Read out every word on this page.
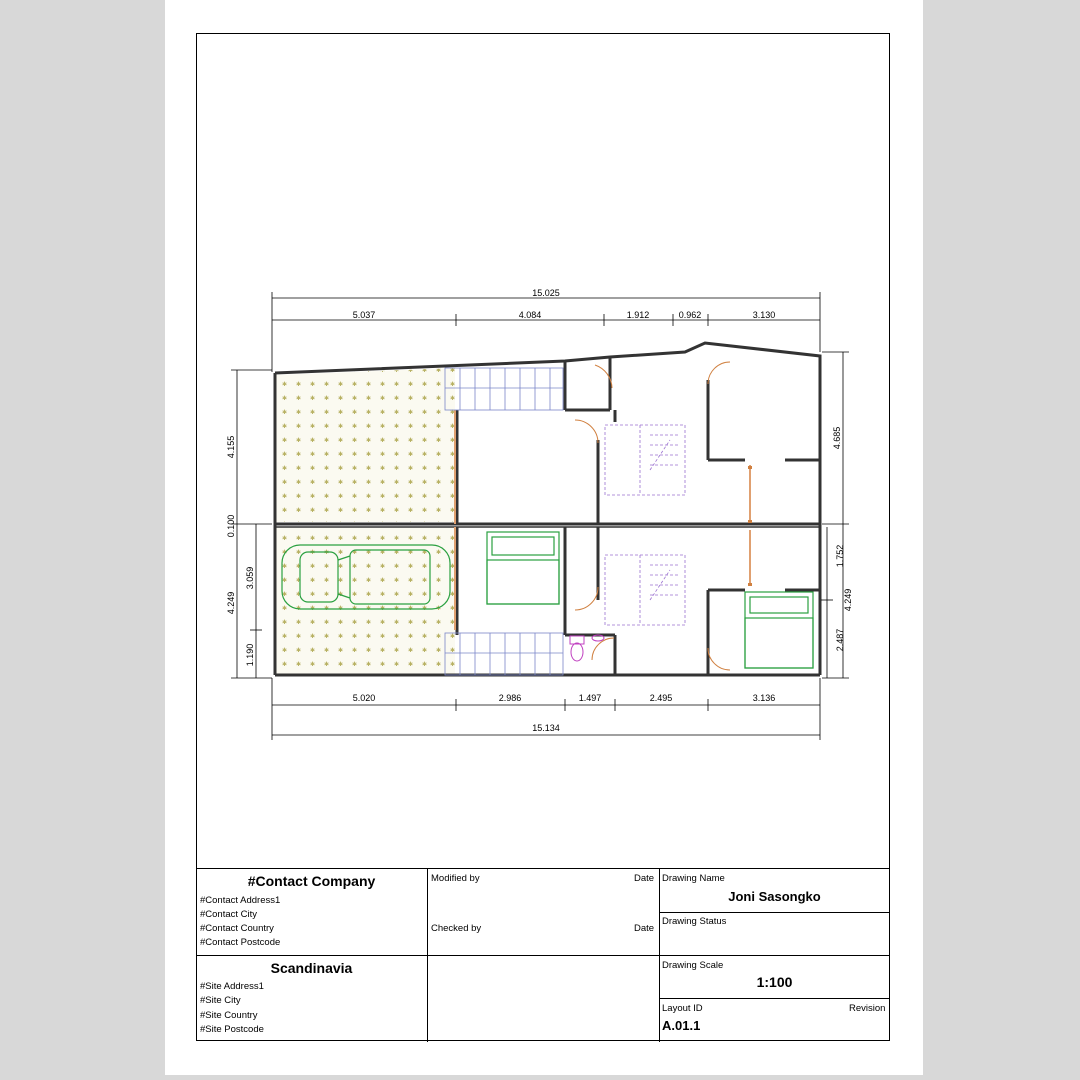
15.025
5.037	4.084	1.912	0.962	3.130
5.020	2.986	1.497	2.495	3.136
15.134
4.155
0.100
4.249
3.059
1.190
4.685
4.249
1.752
2.487
#Contact Company
#Contact Address1
#Contact City
#Contact Country
#Contact Postcode
Scandinavia
#Site Address1
#Site City
#Site Country
#Site Postcode
Modified by	Date
Checked by	Date
Drawing Name
Joni Sasongko
Drawing Status
Drawing Scale
1:100
Layout ID	Revision
A.01.1
